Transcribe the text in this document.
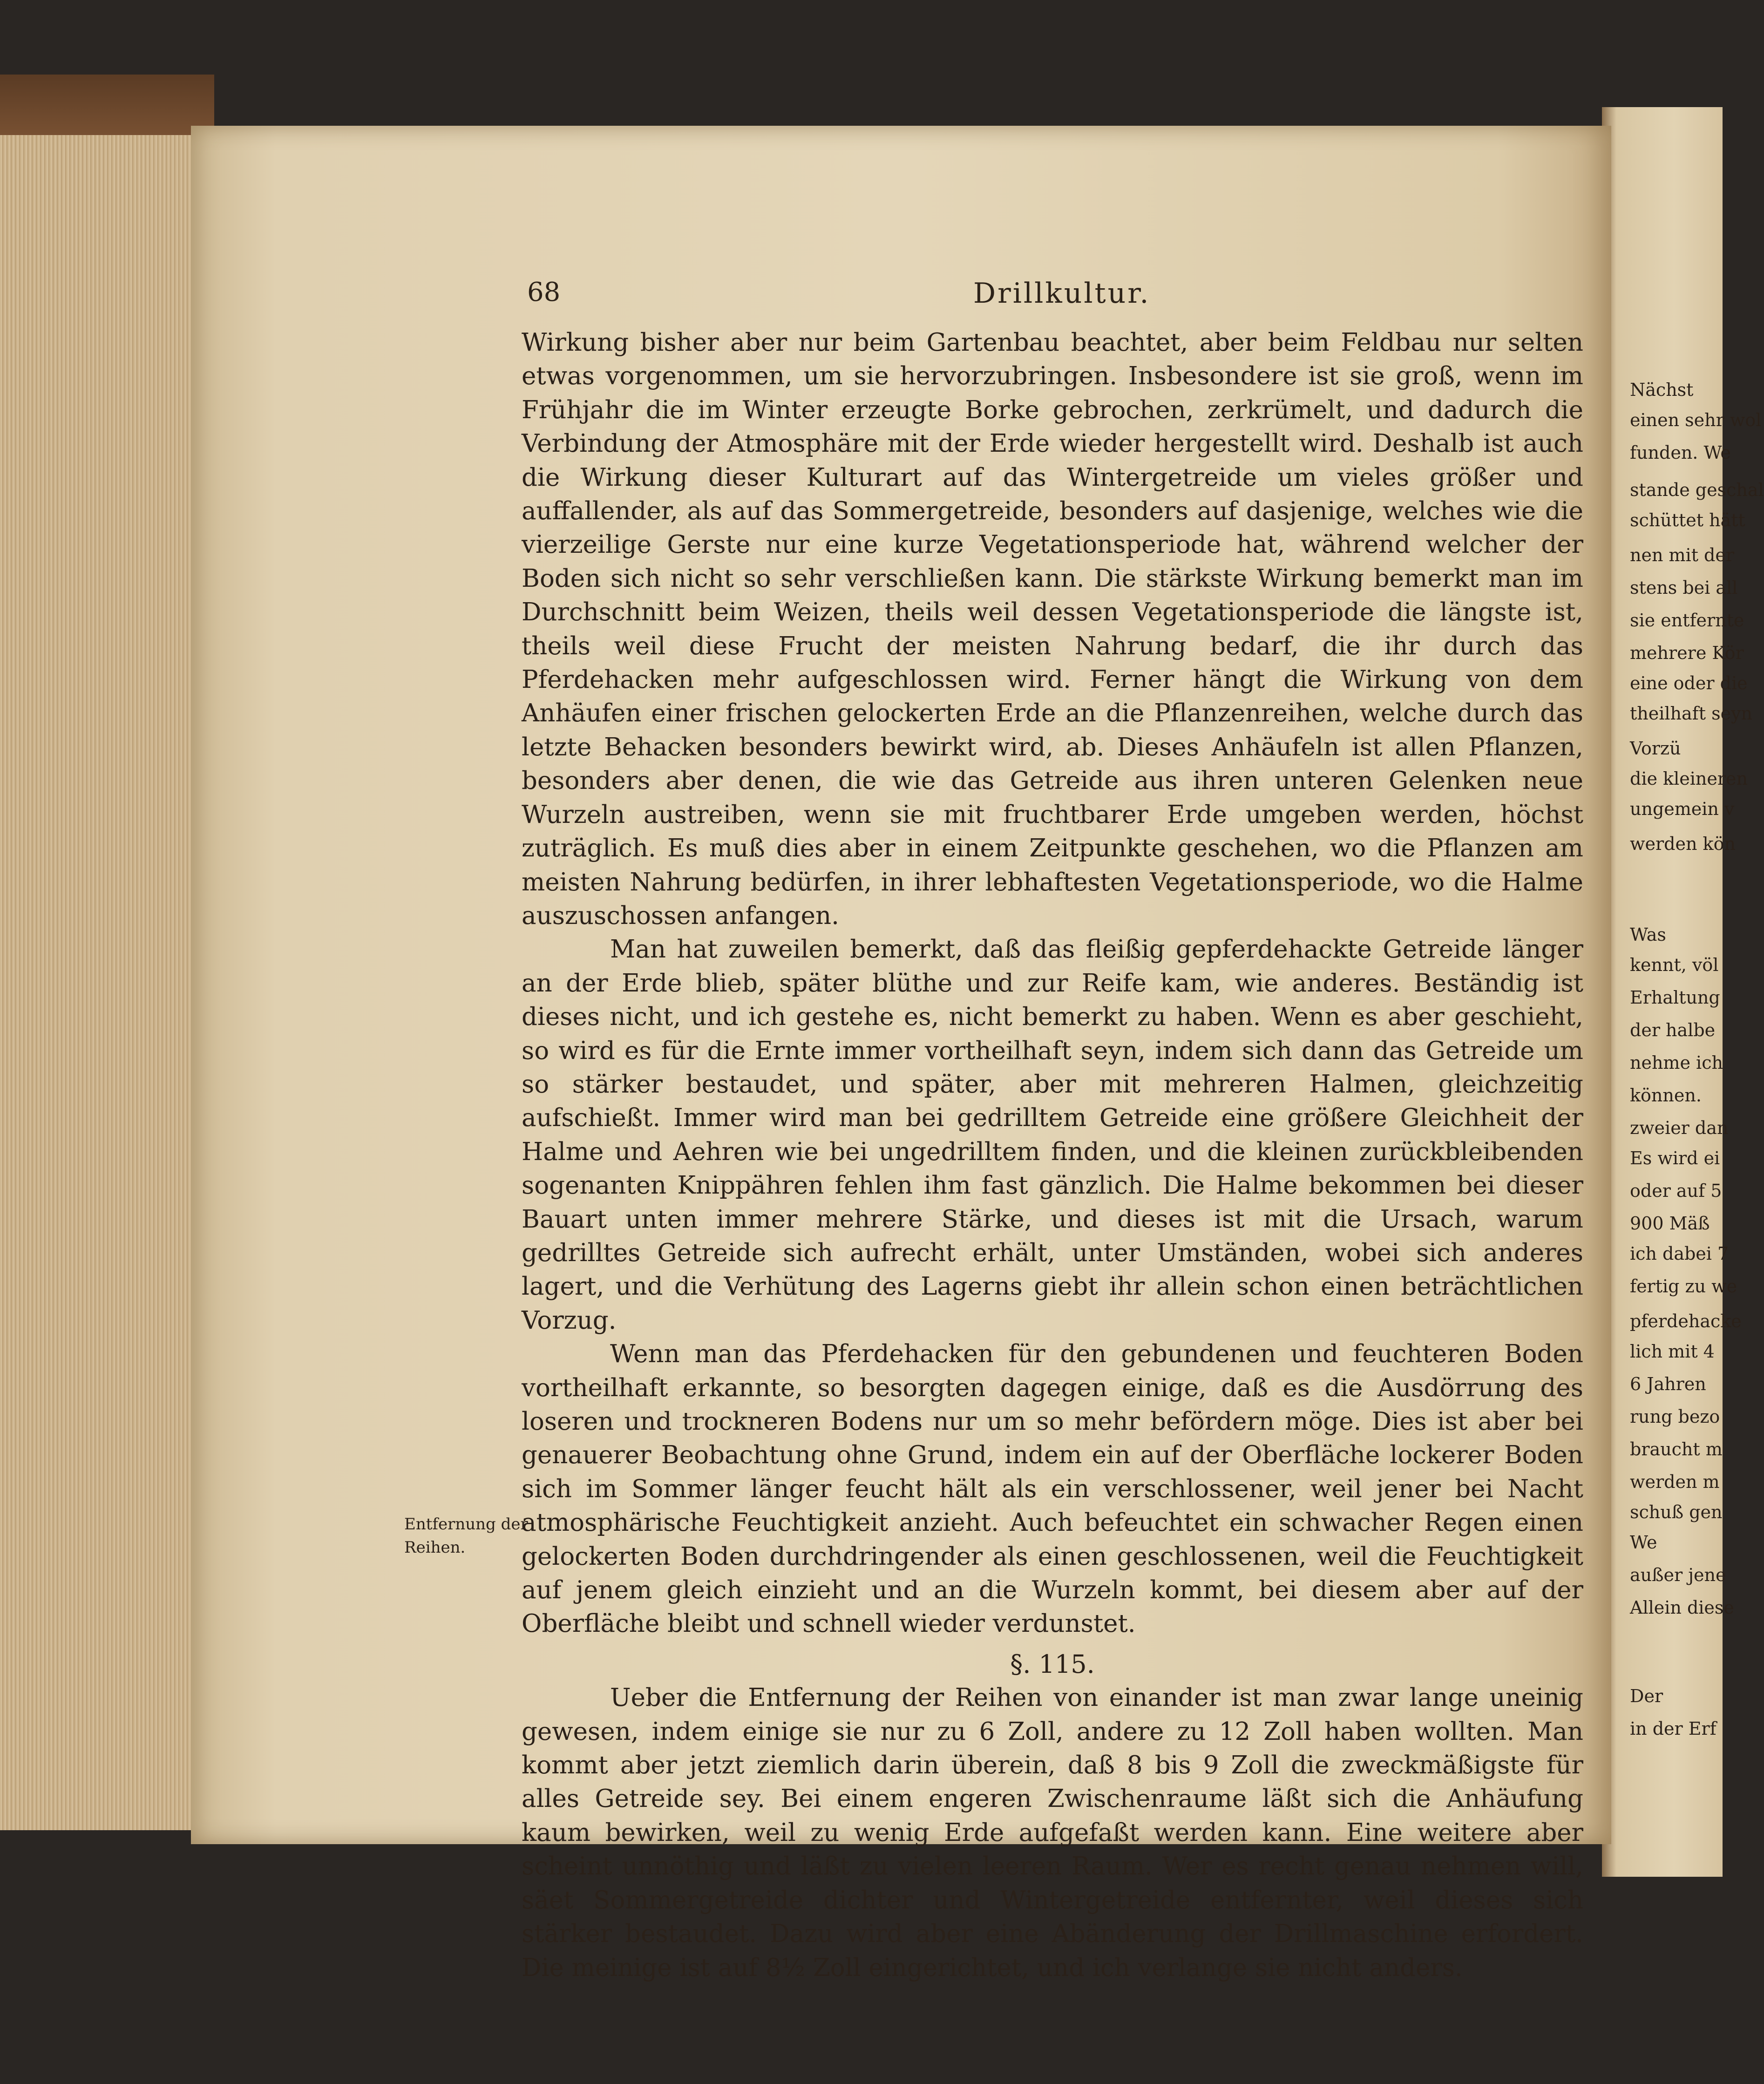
68	Drillkultur.

Wirkung bisher aber nur beim Gartenbau beachtet, aber beim Feldbau nur selten etwas vorgenommen, um sie hervorzubringen. Insbesondere ist sie groß, wenn im Frühjahr die im Winter erzeugte Borke gebrochen, zerkrümelt, und dadurch die Verbindung der Atmosphäre mit der Erde wieder hergestellt wird. Deshalb ist auch die Wirkung dieser Kulturart auf das Wintergetreide um vieles größer und auffallender, als auf das Sommergetreide, besonders auf dasjenige, welches wie die vierzeilige Gerste nur eine kurze Vegetationsperiode hat, während welcher der Boden sich nicht so sehr verschließen kann. Die stärkste Wirkung bemerkt man im Durchschnitt beim Weizen, theils weil dessen Vegetationsperiode die längste ist, theils weil diese Frucht der meisten Nahrung bedarf, die ihr durch das Pferdehacken mehr aufgeschlossen wird. Ferner hängt die Wirkung von dem Anhäufen einer frischen gelockerten Erde an die Pflanzenreihen, welche durch das letzte Behacken besonders bewirkt wird, ab. Dieses Anhäufeln ist allen Pflanzen, besonders aber denen, die wie das Getreide aus ihren unteren Gelenken neue Wurzeln austreiben, wenn sie mit fruchtbarer Erde umgeben werden, höchst zuträglich. Es muß dies aber in einem Zeitpunkte geschehen, wo die Pflanzen am meisten Nahrung bedürfen, in ihrer lebhaftesten Vegetationsperiode, wo die Halme auszuschossen anfangen.

Man hat zuweilen bemerkt, daß das fleißig gepferdehackte Getreide länger an der Erde blieb, später blüthe und zur Reife kam, wie anderes. Beständig ist dieses nicht, und ich gestehe es, nicht bemerkt zu haben. Wenn es aber geschieht, so wird es für die Ernte immer vortheilhaft seyn, indem sich dann das Getreide um so stärker bestaudet, und später, aber mit mehreren Halmen, gleichzeitig aufschießt. Immer wird man bei gedrilltem Getreide eine größere Gleichheit der Halme und Aehren wie bei ungedrilltem finden, und die kleinen zurückbleibenden sogenanten Knippähren fehlen ihm fast gänzlich. Die Halme bekommen bei dieser Bauart unten immer mehrere Stärke, und dieses ist mit die Ursach, warum gedrilltes Getreide sich aufrecht erhält, unter Umständen, wobei sich anderes lagert, und die Verhütung des Lagerns giebt ihr allein schon einen beträchtlichen Vorzug.

Wenn man das Pferdehacken für den gebundenen und feuchteren Boden vortheilhaft erkannte, so besorgten dagegen einige, daß es die Ausdörrung des loseren und trockneren Bodens nur um so mehr befördern möge. Dies ist aber bei genauerer Beobachtung ohne Grund, indem ein auf der Oberfläche lockerer Boden sich im Sommer länger feucht hält als ein verschlossener, weil jener bei Nacht atmosphärische Feuchtigkeit anzieht. Auch befeuchtet ein schwacher Regen einen gelockerten Boden durchdringender als einen geschlossenen, weil die Feuchtigkeit auf jenem gleich einzieht und an die Wurzeln kommt, bei diesem aber auf der Oberfläche bleibt und schnell wieder verdunstet.

§. 115.

Ueber die Entfernung der Reihen von einander ist man zwar lange uneinig gewesen, indem einige sie nur zu 6 Zoll, andere zu 12 Zoll haben wollten. Man kommt aber jetzt ziemlich darin überein, daß 8 bis 9 Zoll die zweckmäßigste für alles Getreide sey. Bei einem engeren Zwischenraume läßt sich die Anhäufung kaum bewirken, weil zu wenig Erde aufgefaßt werden kann. Eine weitere aber scheint unnöthig und läßt zu vielen leeren Raum. Wer es recht genau nehmen will, säet Sommergetreide dichter und Wintergetreide entfernter, weil dieses sich stärker bestaudet. Dazu wird aber eine Abänderung der Drillmaschine erfordert. Die meinige ist auf 8½ Zoll eingerichtet, und ich verlange sie nicht anders.

Entfernung der Reihen.
Nächst
einen sehr wol
funden. We
stande geschal
schüttet hätt
nen mit der
stens bei all
sie entfernte
mehrere Kör
eine oder die
theilhaft seyn
Vorzü
die kleineren
ungemein v
werden kön
Was
kennt, völ
Erhaltung
der halbe
nehme ich
können.
zweier dan
Es wird ei
oder auf 5
900 Mäß
ich dabei 7
fertig zu we
pferdehacke
lich mit 4
6 Jahren
rung bezo
braucht m
werden m
schuß gen
We
außer jene
Allein diese
Der
in der Erf
